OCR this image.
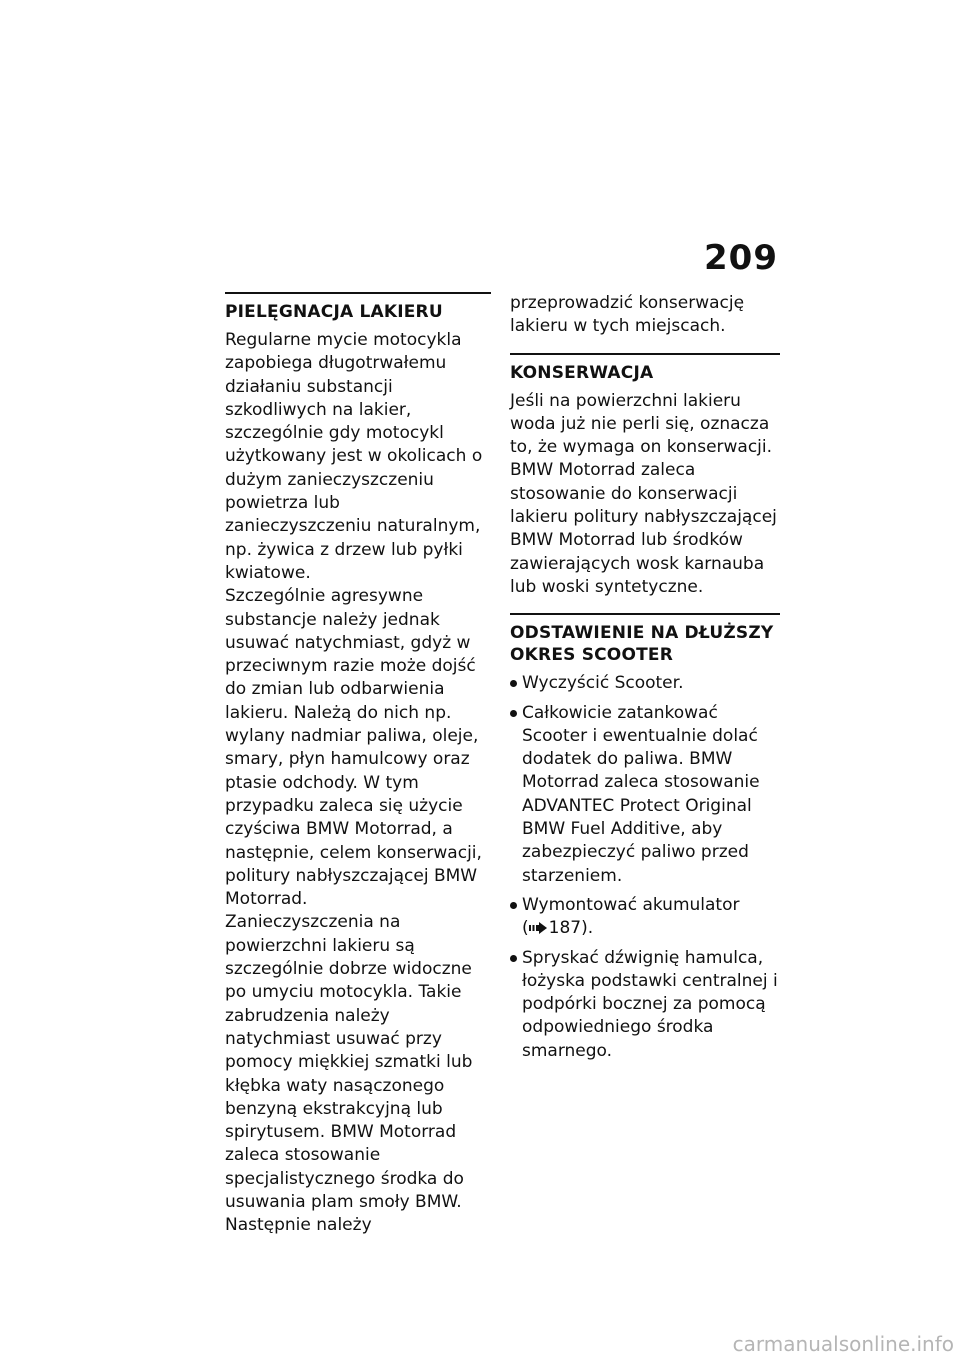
209
PIELĘGNACJA LAKIERU

Regularne mycie motocykla zapobiega długotrwałemu działaniu substancji szkodliwych na lakier, szczególnie gdy motocykl użytkowany jest w okolicach o dużym zanieczyszczeniu powietrza lub zanieczyszczeniu naturalnym, np. żywica z drzew lub pyłki kwiatowe.

Szczególnie agresywne substancje należy jednak usuwać natychmiast, gdyż w przeciwnym razie może dojść do zmian lub odbarwienia lakieru. Należą do nich np. wylany nadmiar paliwa, oleje, smary, płyn hamulcowy oraz ptasie odchody. W tym przypadku zaleca się użycie czyściwa BMW Motorrad, a następnie, celem konserwacji, politury nabłyszczającej BMW Motorrad.

Zanieczyszczenia na powierzchni lakieru są szczególnie dobrze widoczne po umyciu motocykla. Takie zabrudzenia należy natychmiast usuwać przy pomocy miękkiej szmatki lub kłębka waty nasączonego benzyną ekstrakcyjną lub spirytusem. BMW Motorrad zaleca stosowanie specjalistycznego środka do usuwania plam smoły BMW. Następnie należy

przeprowadzić konserwację lakieru w tych miejscach.

KONSERWACJA

Jeśli na powierzchni lakieru woda już nie perli się, oznacza to, że wymaga on konserwacji. BMW Motorrad zaleca stosowanie do konserwacji lakieru politury nabłyszczającej BMW Motorrad lub środków zawierających wosk karnauba lub woski syntetyczne.

ODSTAWIENIE NA DŁUŻSZY OKRES SCOOTER
Wyczyścić Scooter.
Całkowicie zatankować Scooter i ewentualnie dolać dodatek do paliwa. BMW Motorrad zaleca stosowanie ADVANTEC Protect Original BMW Fuel Additive, aby zabezpieczyć paliwo przed starzeniem.
Wymontować akumulator
( 187).
Spryskać dźwignię hamulca, łożyska podstawki centralnej i podpórki bocznej za pomocą odpowiedniego środka smarnego.
carmanualsonline.info
